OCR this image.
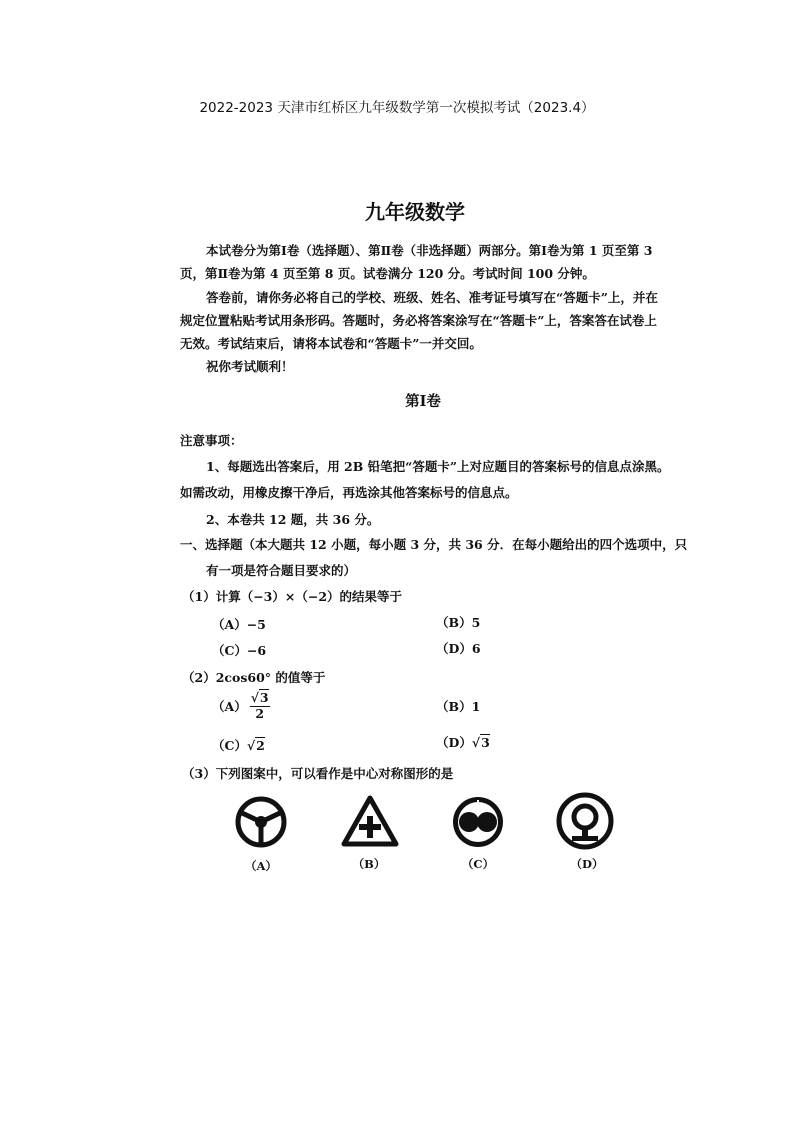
2022-2023 天津市红桥区九年级数学第一次模拟考试（2023.4）
九年级数学
本试卷分为第Ⅰ卷（选择题）、第Ⅱ卷（非选择题）两部分。第Ⅰ卷为第 1 页至第 3
页，第Ⅱ卷为第 4 页至第 8 页。试卷满分 120 分。考试时间 100 分钟。
答卷前，请你务必将自己的学校、班级、姓名、准考证号填写在“答题卡”上，并在
规定位置粘贴考试用条形码。答题时，务必将答案涂写在“答题卡”上，答案答在试卷上
无效。考试结束后，请将本试卷和“答题卡”一并交回。
祝你考试顺利！
第Ⅰ卷
注意事项：
1、每题选出答案后，用 2B 铅笔把“答题卡”上对应题目的答案标号的信息点涂黑。
如需改动，用橡皮擦干净后，再选涂其他答案标号的信息点。
2、本卷共 12 题，共 36 分。
一、选择题（本大题共 12 小题，每小题 3 分，共 36 分．在每小题给出的四个选项中，只
有一项是符合题目要求的）
（1）计算（−3）×（−2）的结果等于
（A）−5	（B）5
（C）−6	（D）6
（2）2cos60° 的值等于
$(A) \frac{√3}{2}$	（B）1
（C）√2	（D）√3
（3）下列图案中，可以看作是中心对称图形的是
（A）	（B）	（C）	（D）
